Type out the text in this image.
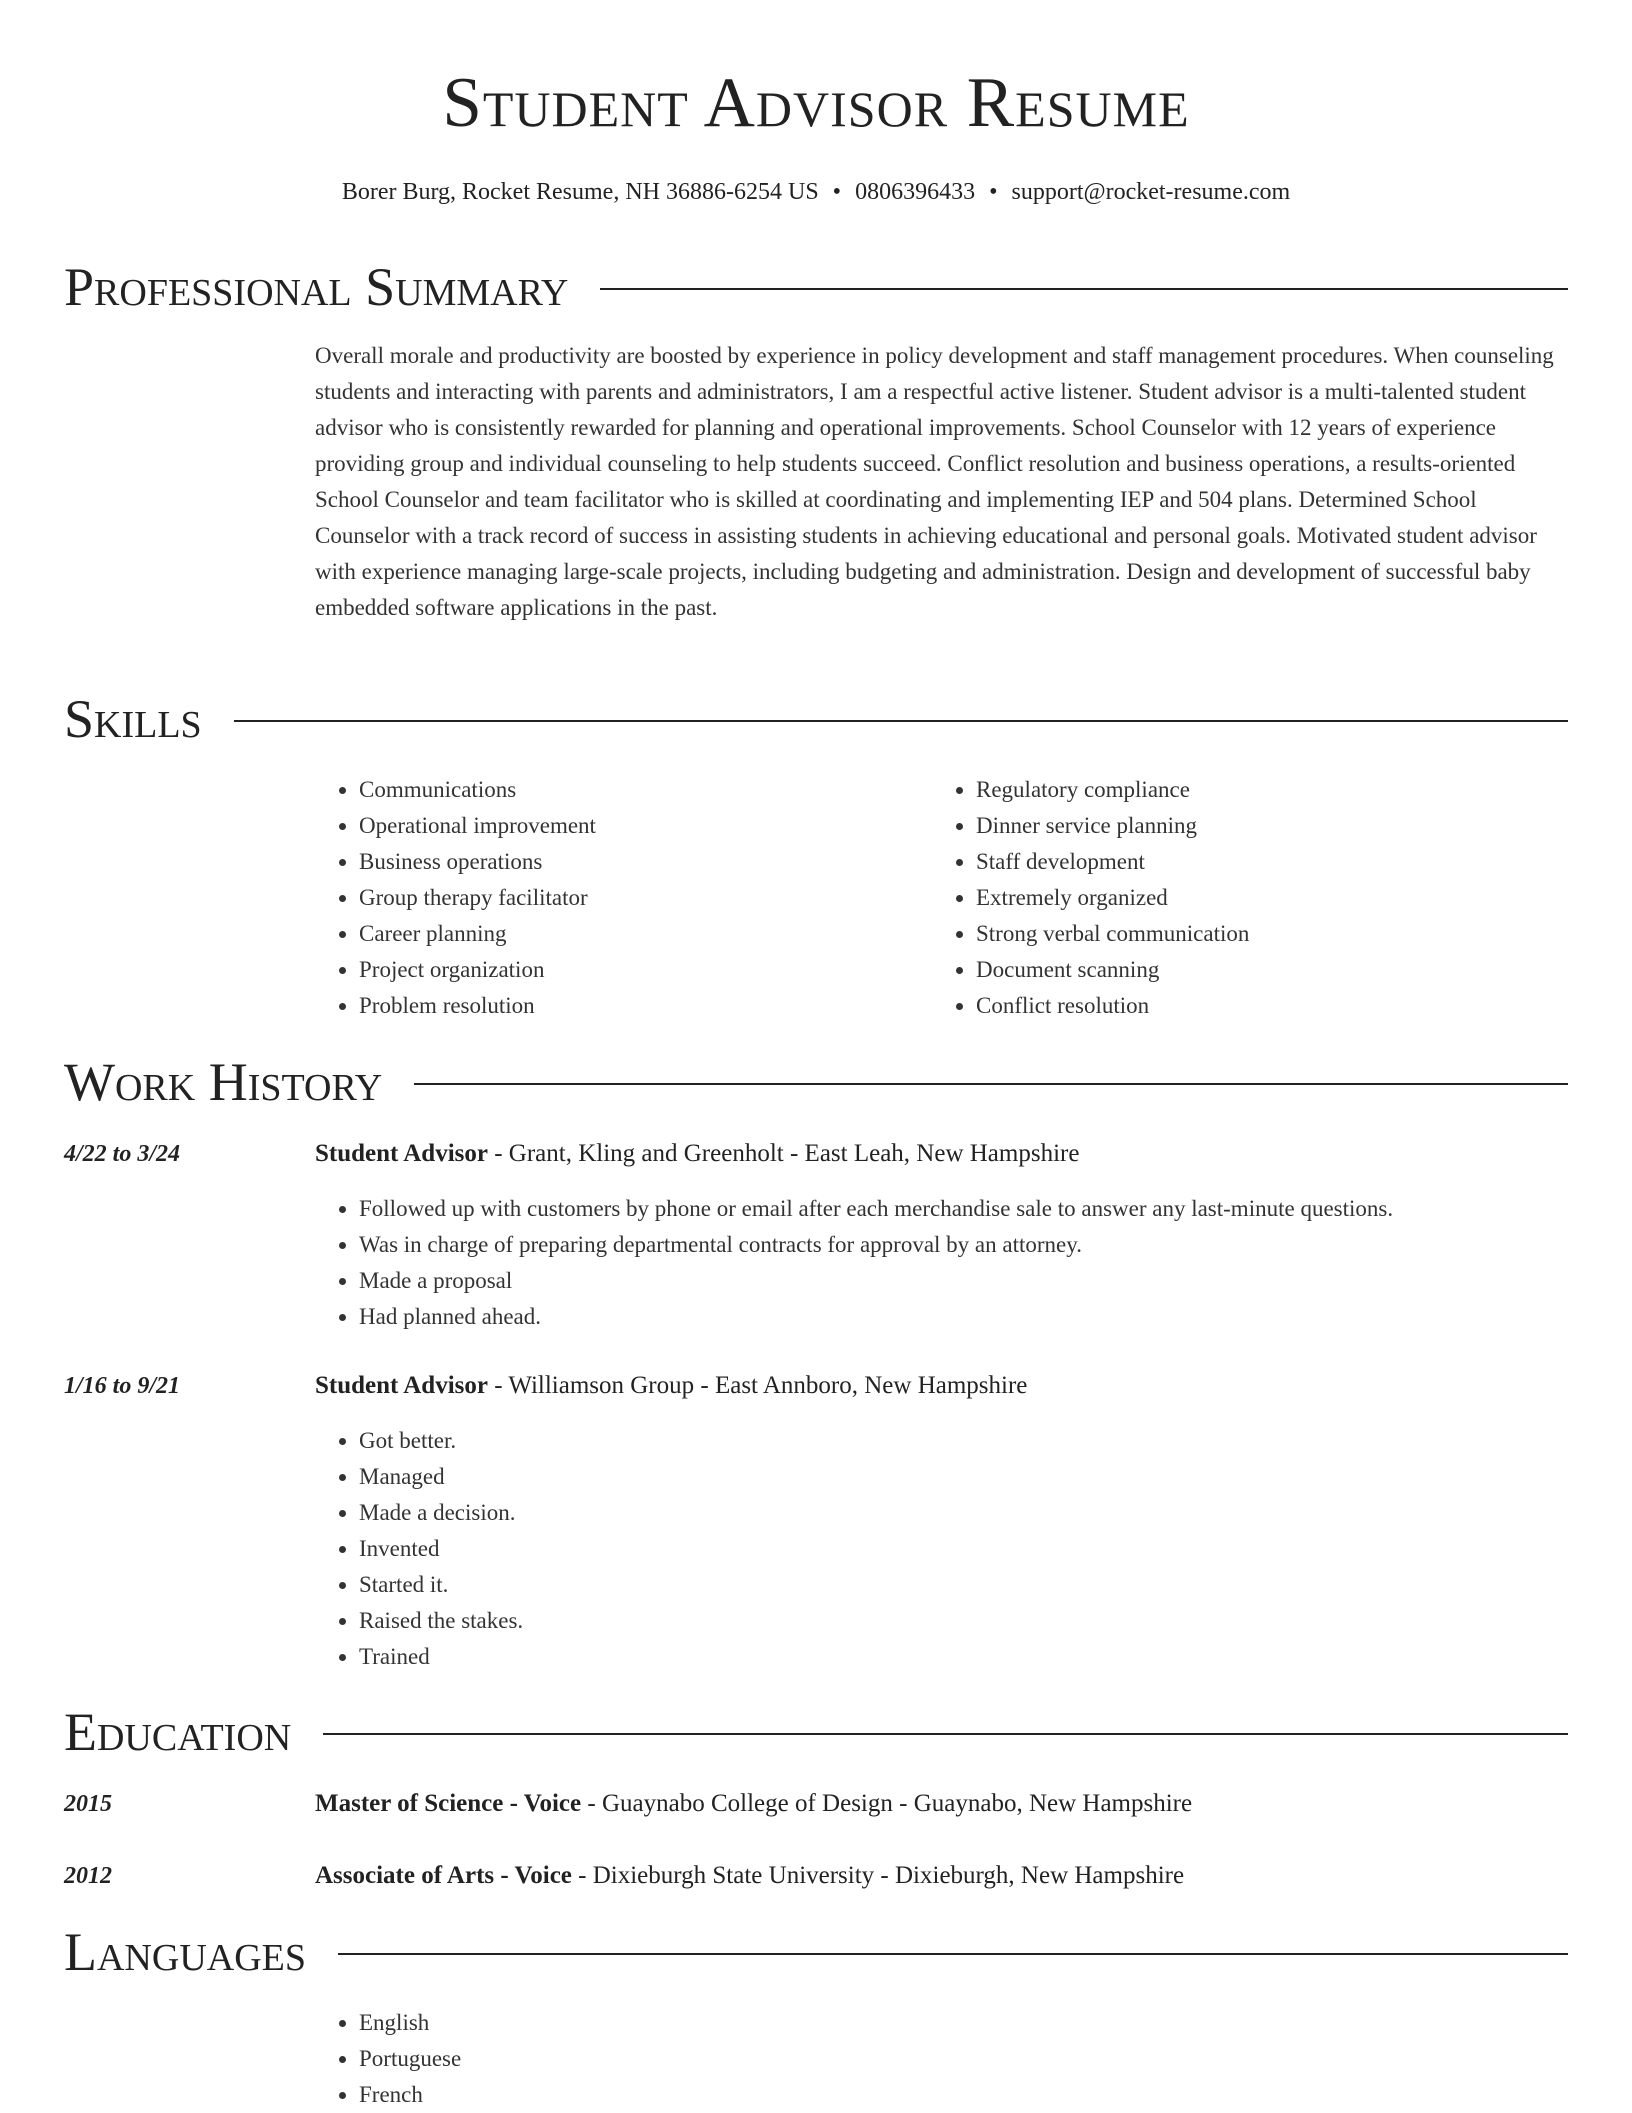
Student Advisor Resume
Borer Burg, Rocket Resume, NH 36886-6254 US • 0806396433 • support@rocket-resume.com
Professional Summary

Overall morale and productivity are boosted by experience in policy development and staff management procedures. When counseling students and interacting with parents and administrators, I am a respectful active listener. Student advisor is a multi-talented student advisor who is consistently rewarded for planning and operational improvements. School Counselor with 12 years of experience providing group and individual counseling to help students succeed. Conflict resolution and business operations, a results-oriented School Counselor and team facilitator who is skilled at coordinating and implementing IEP and 504 plans. Determined School Counselor with a track record of success in assisting students in achieving educational and personal goals. Motivated student advisor with experience managing large-scale projects, including budgeting and administration. Design and development of successful baby embedded software applications in the past.

Skills
• Communications
• Operational improvement
• Business operations
• Group therapy facilitator
• Career planning
• Project organization
• Problem resolution
• Regulatory compliance
• Dinner service planning
• Staff development
• Extremely organized
• Strong verbal communication
• Document scanning
• Conflict resolution
Work History
4/22 to 3/24	Student Advisor - Grant, Kling and Greenholt - East Leah, New Hampshire
• Followed up with customers by phone or email after each merchandise sale to answer any last-minute questions.
• Was in charge of preparing departmental contracts for approval by an attorney.
• Made a proposal
• Had planned ahead.
1/16 to 9/21	Student Advisor - Williamson Group - East Annboro, New Hampshire
• Got better.
• Managed
• Made a decision.
• Invented
• Started it.
• Raised the stakes.
• Trained
Education
2015	Master of Science - Voice - Guaynabo College of Design - Guaynabo, New Hampshire
2012	Associate of Arts - Voice - Dixieburgh State University - Dixieburgh, New Hampshire
Languages
• English
• Portuguese
• French
